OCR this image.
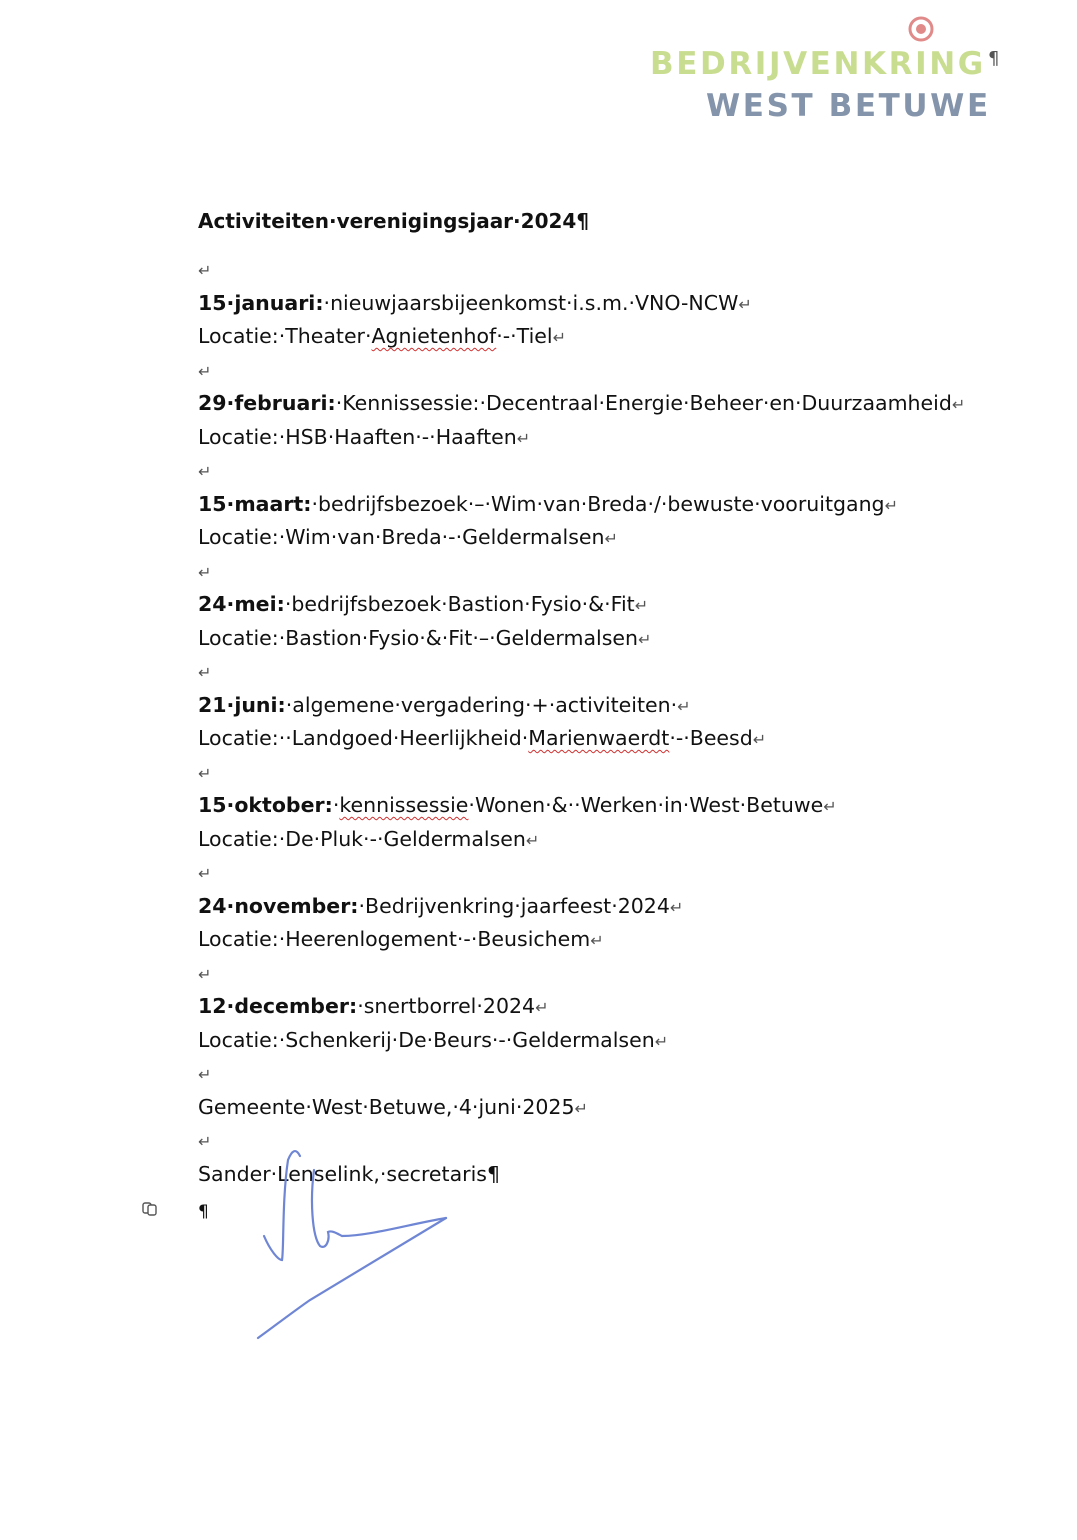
BEDRIJVENKRING
WEST BETUWE
¶
Activiteiten·verenigingsjaar·2024¶
↵
15·januari:·nieuwjaarsbijeenkomst·i.s.m.·VNO-NCW↵
Locatie:·Theater·Agnietenhof·-·Tiel↵
↵
29·februari:·Kennissessie:·Decentraal·Energie·Beheer·en·Duurzaamheid↵
Locatie:·HSB·Haaften·-·Haaften↵
↵
15·maart:·bedrijfsbezoek·–·Wim·van·Breda·/·bewuste·vooruitgang↵
Locatie:·Wim·van·Breda·-·Geldermalsen↵
↵
24·mei:·bedrijfsbezoek·Bastion·Fysio·&·Fit↵
Locatie:·Bastion·Fysio·&·Fit·–·Geldermalsen↵
↵
21·juni:·algemene·vergadering·+·activiteiten·↵
Locatie:··Landgoed·Heerlijkheid·Marienwaerdt·-·Beesd↵
↵
15·oktober:·kennissessie·Wonen·&··Werken·in·West·Betuwe↵
Locatie:·De·Pluk·-·Geldermalsen↵
↵
24·november:·Bedrijvenkring·jaarfeest·2024↵
Locatie:·Heerenlogement·-·Beusichem↵
↵
12·december:·snertborrel·2024↵
Locatie:·Schenkerij·De·Beurs·-·Geldermalsen↵
↵
Gemeente·West·Betuwe,·4·juni·2025↵
↵
Sander·Lenselink,·secretaris¶
¶
